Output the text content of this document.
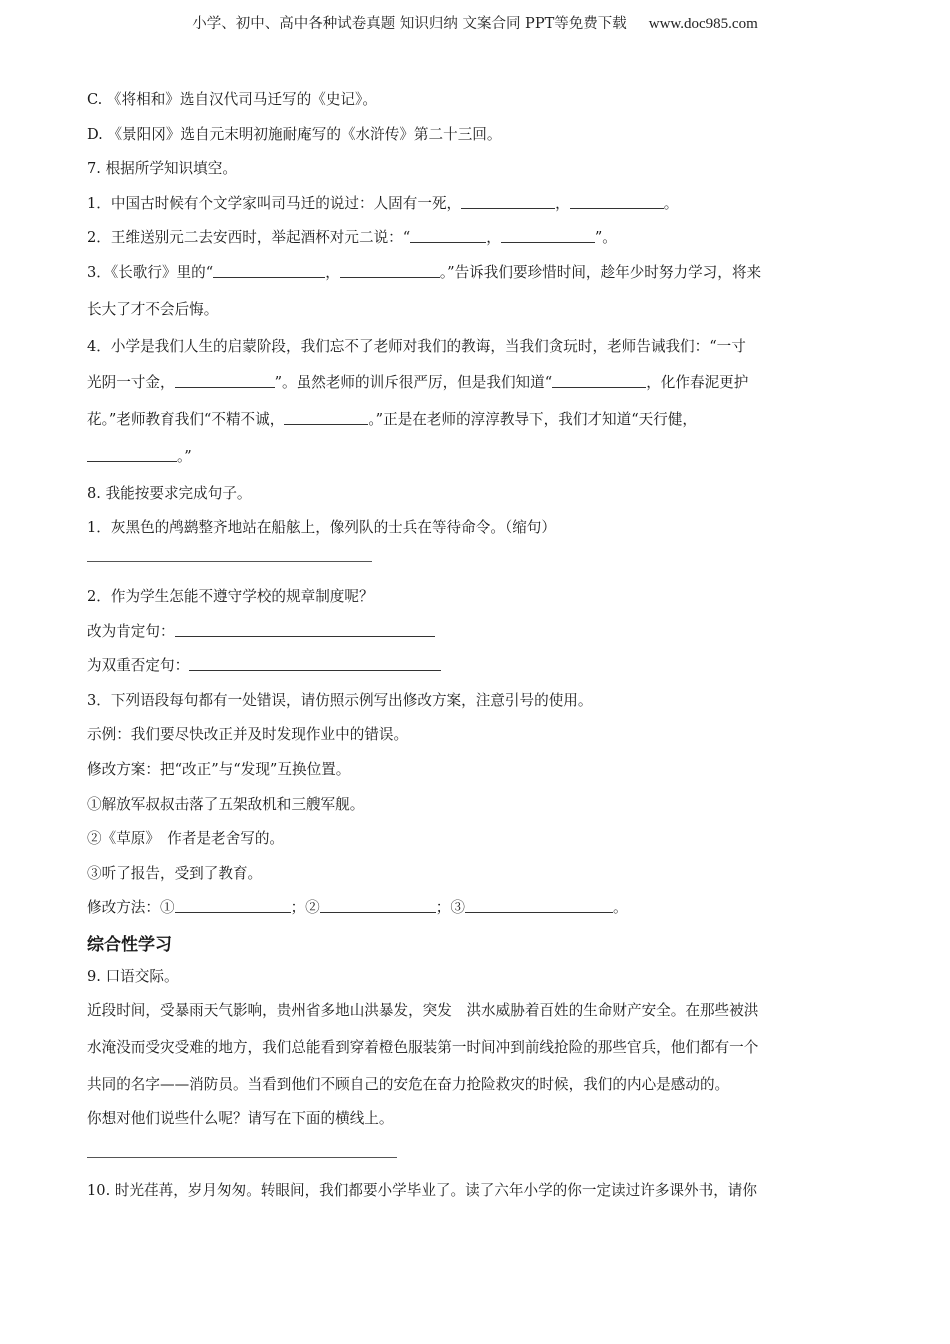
小学、初中、高中各种试卷真题 知识归纳 文案合同 PPT等免费下载 www.doc985.com
C. 《将相和》选自汉代司马迁写的《史记》。
D. 《景阳冈》选自元末明初施耐庵写的《水浒传》第二十三回。
7. 根据所学知识填空。
1．中国古时候有个文学家叫司马迁的说过：人固有一死，	，	。
2．王维送别元二去安西时，举起酒杯对元二说：“	，	”。
3．《长歌行》里的“	，	。”告诉我们要珍惜时间，趁年少时努力学习，将来
长大了才不会后悔。
4．小学是我们人生的启蒙阶段，我们忘不了老师对我们的教诲，当我们贪玩时，老师告诫我们：“一寸
光阴一寸金，	”。虽然老师的训斥很严厉，但是我们知道“	，化作春泥更护
花。”老师教育我们“不精不诚，	。”正是在老师的淳淳教导下，我们才知道“天行健，
。”
8. 我能按要求完成句子。
1．灰黑色的鸬鹚整齐地站在船舷上，像列队的士兵在等待命令。（缩句）
2．作为学生怎能不遵守学校的规章制度呢？
改为肯定句：
为双重否定句：
3．下列语段每句都有一处错误，请仿照示例写出修改方案，注意引号的使用。
示例：我们要尽快改正并及时发现作业中的错误。
修改方案：把“改正”与“发现”互换位置。
①解放军叔叔击落了五架敌机和三艘军舰。
②《草原》　作者是老舍写的。
③听了报告，受到了教育。
修改方法：①	；②	；③	。
综合性学习
9. 口语交际。
近段时间，受暴雨天气影响，贵州省多地山洪暴发，突发　洪水威胁着百姓的生命财产安全。在那些被洪
水淹没而受灾受难的地方，我们总能看到穿着橙色服装第一时间冲到前线抢险的那些官兵，他们都有一个
共同的名字——消防员。当看到他们不顾自己的安危在奋力抢险救灾的时候，我们的内心是感动的。
你想对他们说些什么呢？请写在下面的横线上。
10. 时光荏苒，岁月匆匆。转眼间，我们都要小学毕业了。读了六年小学的你一定读过许多课外书，请你
